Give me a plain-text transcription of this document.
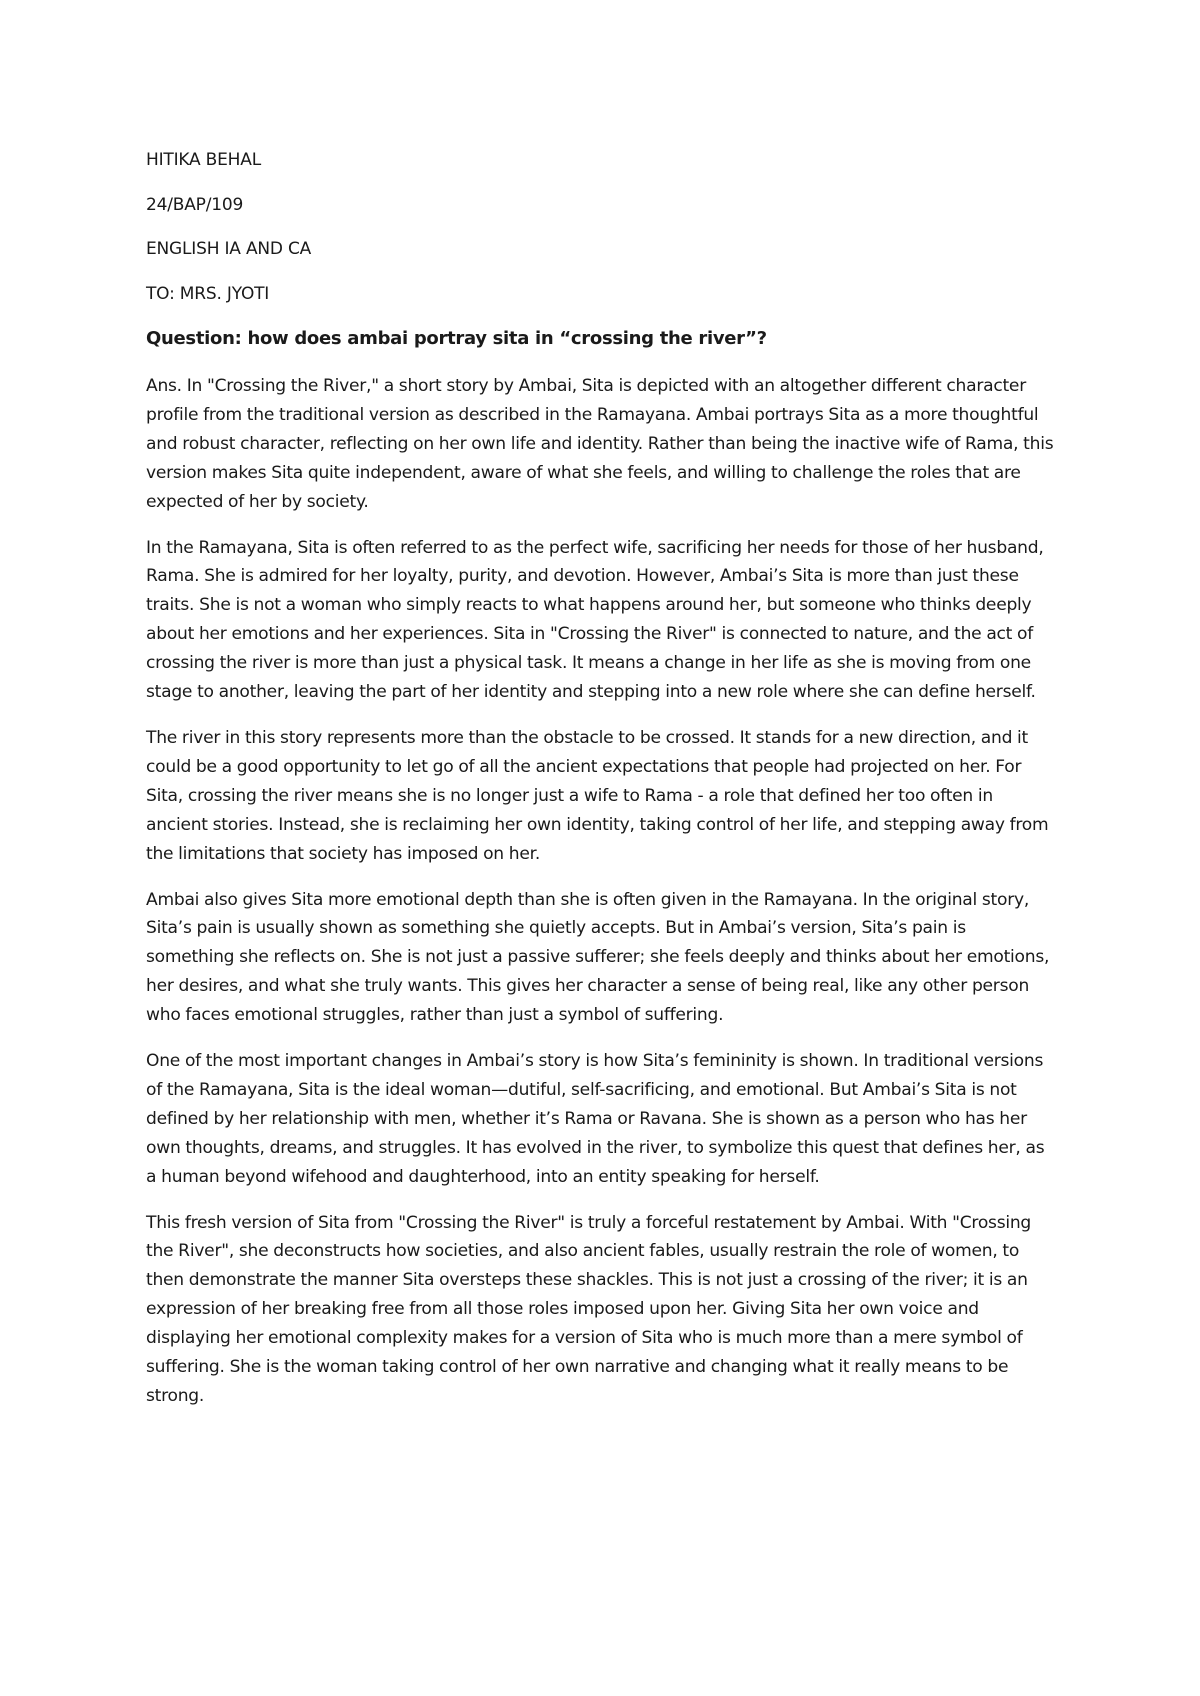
HITIKA BEHAL
24/BAP/109
ENGLISH IA AND CA
TO: MRS. JYOTI
Question: how does ambai portray sita in “crossing the river”?

Ans. In "Crossing the River," a short story by Ambai, Sita is depicted with an altogether different character profile from the traditional version as described in the Ramayana. Ambai portrays Sita as a more thoughtful and robust character, reflecting on her own life and identity. Rather than being the inactive wife of Rama, this version makes Sita quite independent, aware of what she feels, and willing to challenge the roles that are expected of her by society.

In the Ramayana, Sita is often referred to as the perfect wife, sacrificing her needs for those of her husband, Rama. She is admired for her loyalty, purity, and devotion. However, Ambai’s Sita is more than just these traits. She is not a woman who simply reacts to what happens around her, but someone who thinks deeply about her emotions and her experiences. Sita in "Crossing the River" is connected to nature, and the act of crossing the river is more than just a physical task. It means a change in her life as she is moving from one stage to another, leaving the part of her identity and stepping into a new role where she can define herself.

The river in this story represents more than the obstacle to be crossed. It stands for a new direction, and it could be a good opportunity to let go of all the ancient expectations that people had projected on her. For Sita, crossing the river means she is no longer just a wife to Rama - a role that defined her too often in ancient stories. Instead, she is reclaiming her own identity, taking control of her life, and stepping away from the limitations that society has imposed on her.

Ambai also gives Sita more emotional depth than she is often given in the Ramayana. In the original story, Sita’s pain is usually shown as something she quietly accepts. But in Ambai’s version, Sita’s pain is something she reflects on. She is not just a passive sufferer; she feels deeply and thinks about her emotions, her desires, and what she truly wants. This gives her character a sense of being real, like any other person who faces emotional struggles, rather than just a symbol of suffering.

One of the most important changes in Ambai’s story is how Sita’s femininity is shown. In traditional versions of the Ramayana, Sita is the ideal woman—dutiful, self-sacrificing, and emotional. But Ambai’s Sita is not defined by her relationship with men, whether it’s Rama or Ravana. She is shown as a person who has her own thoughts, dreams, and struggles. It has evolved in the river, to symbolize this quest that defines her, as a human beyond wifehood and daughterhood, into an entity speaking for herself.

This fresh version of Sita from "Crossing the River" is truly a forceful restatement by Ambai. With "Crossing the River", she deconstructs how societies, and also ancient fables, usually restrain the role of women, to then demonstrate the manner Sita oversteps these shackles. This is not just a crossing of the river; it is an expression of her breaking free from all those roles imposed upon her. Giving Sita her own voice and displaying her emotional complexity makes for a version of Sita who is much more than a mere symbol of suffering. She is the woman taking control of her own narrative and changing what it really means to be strong.
